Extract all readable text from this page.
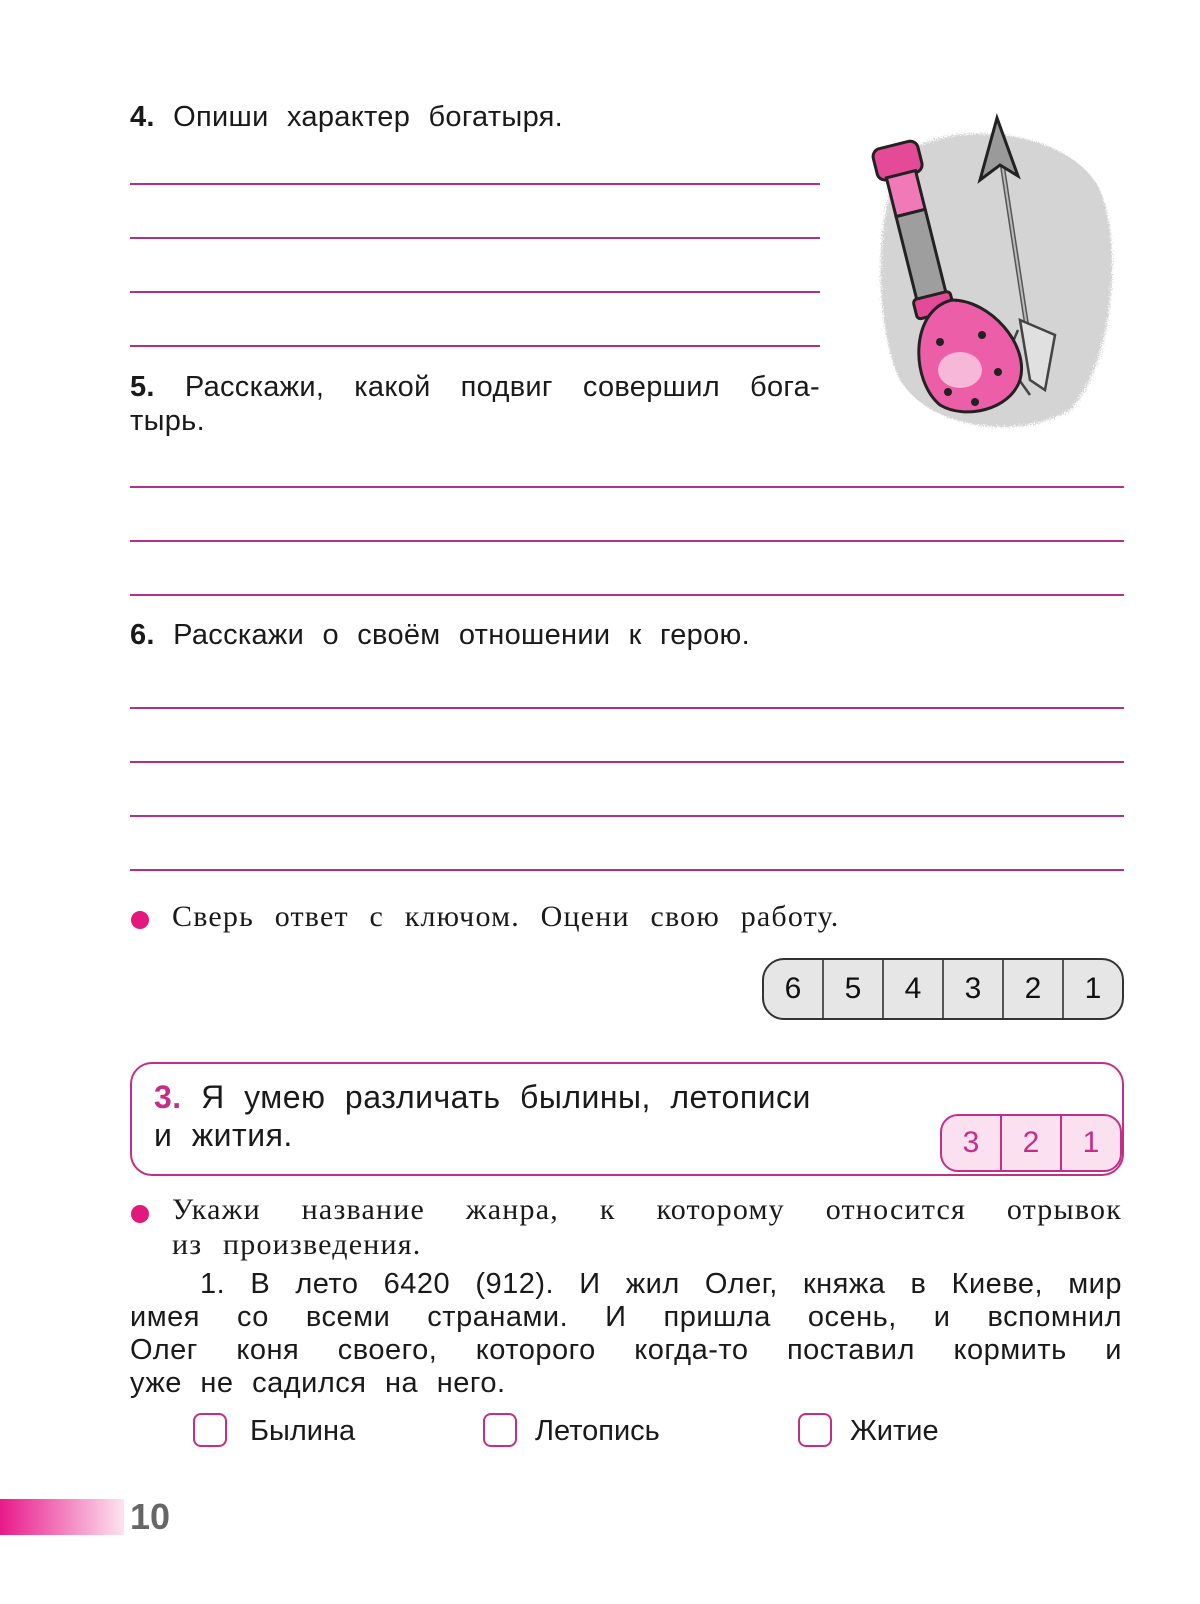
4. Опиши характер богатыря.
5. Расскажи, какой подвиг совершил бога-
тырь.
6. Расскажи о своём отношении к герою.
Сверь ответ с ключом. Оцени свою работу.
6	5	4	3	2	1
3. Я умею различать былины, летописи
и жития.	3	2	1
Укажи название жанра, к которому относится отрывок
из произведения.
1. В лето 6420 (912). И жил Олег, княжа в Киеве, мир
имея со всеми странами. И пришла осень, и вспомнил
Олег коня своего, которого когда-то поставил кормить и
уже не садился на него.
Былина	Летопись	Житие
10
